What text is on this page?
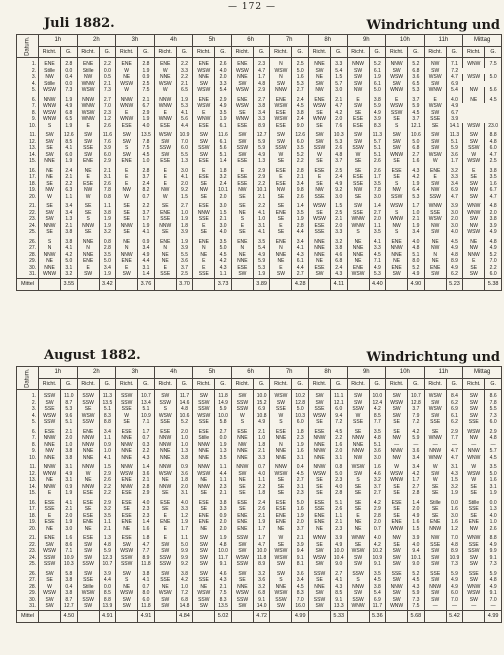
— 172 —
Juli 1882.	Windrichtung und
Datum.	1h		2h		3h		4h		5h		6h		7h		8h		9h		10h		11h		Mittag	
	Richt.	G.	Richt.	G.	Richt.	G.	Richt.	G.	Richt.	G.	Richt.	G.	Richt.	G.	Richt.	G.	Richt.	G.	Richt.	G.	Richt.	G.	Richt.	G.

1.	ENE	2.8	ENE	2.2	ENE	2.8	ENE	2.2	ENE	2.6	ENE	2.3	N	2.5	NNE	3.3	NNW	5.2	NNW	5.2	NW	7.1	WNW	7.5
2.	Stille	0.0	Stille	0.0	W	1.9	W	3.3	WSW	4.0	WSW	4.7	WSW	5.0	SW	5.4	SW	6.1	SW	6.8	SW	7.2		
3.	NW	0.4	NW	0.5	NE	0.9	NNE	2.2	NNE	2.0	NNE	1.7	N	1.6	NE	1.5	SW	1.9	WSW	3.6	WSW	4.7	WSW	5.0
4.	Stille	0.0	WNW	2.1	WSW	2.5	WSW	2.1	SW	3.3	SW	4.8	SW	5.3	SW	5.7	SW	6.1	SW	6.5	SW	6.9		
5.	WSW	7.3	WSW	7.3	W	7.5	W	6.5	WSW	5.4	WSW	2.9	NNW	2.7	NW	3.0	NW	5.0	WNW	5.3	WNW	5.4	NW	5.6

6.	NNW	1.9	NNW	2.7	NNW	2.1	NNW	1.9	ENE	2.9	ENE	2.7	ENE	2.4	ENE	2.1	E	3.8	E	3.7	E	4.0	NE	4.5
7.	WNW	4.9	WNW	7.0	WNW	6.7	WNW	5.3	WSW	4.9	WSW	3.8	WSW	4.5	WSW	4.7	SW	5.9	WSW	5.9	WSW	4.9		
8.	WSW	6.8	WSW	2.3	E	2.9	E	4.1	E	3.5	SE	3.4	ESE	3.8	SE	4.2	SE	4.9	SSW	4.5	SW	6.7		
9.	WNW	6.5	WNW	1.2	WNW	1.9	WNW	5.6	WNW	1.9	WNW	3.3	WSW	2.4	WNW	2.0	ESE	3.9	SE	3.7	SSE	3.9		
10.	S	1.9	E	2.6	ESE	4.0	ESE	4.4	ESE	6.1	ESE	8.9	ESE	9.0	SE	7.6	ESE	8.3	S	12.1	SE	14.1	WSW	23.0

11.	SW	12.6	SW	11.6	SW	13.5	WSW	10.9	SW	11.6	SW	12.7	SW	12.6	SW	10.3	SW	11.3	SW	10.6	SW	11.3	SW	8.8
12.	SW	8.5	SW	7.6	SW	7.8	SW	7.0	SW	6.1	SW	5.9	SW	6.0	SW	5.3	SW	5.7	SW	5.0	SW	5.1	SW	4.8
13.	SE	4.1	SSE	3.9	S	7.5	SSW	6.0	SSW	5.6	SSW	5.9	SSW	3.5	SSW	2.6	SSW	5.1	SW	6.8	SW	5.9	SSW	6.0
14.	SW	6.0	SW	6.0	SW	4.5	SW	5.5	SW	5.1	SW	4.9	W	5.2	W	4.8	W	5.1	WNW	2.7	WSW	3.6	W	4.7
15.	NNE	1.9	ENE	2.9	ENE	1.0	ESE	1.3	ESE	1.4	ESE	1.3	SE	2.2	SE	3.7	SE	2.6	SE	1.6	W	1.7	WSW	2.5

16.	NE	2.4	NE	2.1	E	2.8	E	3.0	E	1.8	E	2.9	ESE	2.8	ESE	2.5	SE	2.6	ESE	4.3	ENE	3.2	E	3.8
17.	NE	2.1	E	3.1	E	3.7	E	4.1	ESE	3.2	ESE	2.9	E	2.1	E	2.4	ESE	1.7	SE	4.2	E	3.3	SE	3.5
18.	SE	2.2	ESE	2.6	E	2.4	E	2.0	SE	2.4	ESE	2.2	ESE	3.4	SE	4.9	SSE	3.5	S	1.9	SW	3.4	SW	1.6
19.	NW	6.3	NW	7.8	NW	8.2	NW	9.2	NW	10.1	NW	10.1	NW	9.8	NW	9.2	NW	7.8	NW	6.4	NW	6.9	NW	6.7
20.	W	1.1	W	0.8	W	0.7	W	1.5	SE	2.0	SE	2.1	SE	2.6	SSE	3.0	SE	3.0	SSW	5.3	SSW	4.7	SW	4.7

21.	SE	3.4	SE	1.1	SE	2.2	SE	2.7	ESE	3.0	SE	2.2	SE	1.4	WSW	1.5	SW	1.4	WSW	1.7	WNW	3.9	WNW	4.8
22.	SW	3.4	SE	3.8	SE	3.7	ENE	1.0	NNW	1.5	NE	4.1	ENE	3.5	SE	2.5	SSE	2.7	S	1.0	SSE	3.0	WNW	2.0
23.	SW	1.3	S	1.9	SE	1.7	SSE	1.9	SSE	2.1	S	1.0	SE	1.9	WSW	2.1	WNW	2.0	WNW	2.1	WSW	2.0	SW	3.8
24.	NNW	2.1	NNW	1.9	NNW	1.9	NNW	1.8	E	3.0	E	3.1	E	2.8	ESE	2.0	WNW	1.1	NW	1.9	NW	3.0	NW	3.9
25.	SE	3.8	SE	3.2	SE	4.1	SE	3.9	SE	4.0	SE	4.1	SE	4.4	SSE	3.3	S	3.5	S	3.4	SW	4.0	WSW	4.9

26.	S	3.8	NNE	0.8	NE	0.9	ENE	1.9	ENE	3.5	ENE	3.5	ENE	3.4	NNE	3.2	NE	4.1	ENE	4.0	NE	4.5	NE	4.8
27.	N	4.1	N	2.8	N	3.4	N	3.9	N	5.0	N	5.4	N	4.1	NNE	3.8	NNE	3.3	NNW	4.8	NW	4.9	NW	4.9
28.	NNW	4.2	NNE	3.5	NNW	4.9	NE	5.5	NE	4.5	NE	4.9	NNE	4.3	NNE	4.6	NNE	4.5	NNE	5.1	N	4.8	NNW	5.2
29.	NE	5.0	ENE	5.0	ENE	4.4	NE	3.6	E	4.2	NNE	5.9	NE	6.1	NE	6.8	NE	7.1	NE	8.0	NE	8.9	E	7.0
30.	NNE	3.1	E	3.4	E	3.1	E	3.7	E	4.3	ESE	5.3	E	4.4	ESE	2.4	ENE	4.9	ENE	5.2	ENE	4.9	SE	2.2
31.	WNW	3.2	SW	1.9	SW	1.4	SSE	2.5	SSE	1.1	SW	1.9	SW	2.7	SW	4.3	WSW	5.3	SW	4.9	SW	6.2	SW	6.0
Mittel		3.55		3.42		3.76		3.70		3.73		3.89		4.28		4.11		4.40		4.90		5.23		5.38
August 1882.	Windrichtung und
Datum.	1h		2h		3h		4h		5h		6h		7h		8h		9h		10h		11h		Mittag	
	Richt.	G.	Richt.	G.	Richt.	G.	Richt.	G.	Richt.	G.	Richt.	G.	Richt.	G.	Richt.	G.	Richt.	G.	Richt.	G.	Richt.	G.	Richt.	G.

1.	SSW	11.0	SSW	11.3	SSW	10.7	SW	11.7	SW	11.8	SW	10.0	WSW	10.2	SW	11.1	SW	10.0	SW	10.7	WSW	8.4	SW	8.6
2.	SW	8.7	SSW	13.5	SSW	13.4	SSW	14.6	SSW	14.9	SSW	15.2	SW	12.8	SW	12.1	SW	12.4	WSW	12.8	SW	6.2	SW	7.8
3.	SSE	5.3	SE	5.1	SSE	5.1	S	4.8	SSW	5.9	SSW	6.9	SSE	5.0	SSE	6.0	SSW	4.2	SW	3.7	WSW	6.9	SW	5.5
4.	WSW	9.6	WSW	8.3	W	10.9	WSW	10.6	WSW	10.0	W	10.8	W	10.3	WSW	9.4	W	8.5	SW	7.9	SW	6.1	SW	7.3
5.	SSW	5.1	SSW	8.8	SE	7.1	SSE	5.2	SSE	5.8	S	4.9	S	6.0	SE	7.2	SSE	7.7	SE	7.2	SSE	6.2	SSE	6.0

6.	ESE	2.1	ENE	3.4	ESE	1.7	ESE	2.0	ESE	2.7	ESE	2.1	ESE	1.8	ESE	4.5	SE	3.5	SE	4.2	SE	2.9	WSW	2.9
7.	NNW	2.0	NNW	1.1	NNE	0.7	NNW	1.0	Stille	0.0	NNE	1.0	NNE	2.3	NNW	2.2	NNW	4.8	NW	5.9	WNW	7.7	NW	4.8
8.	NNE	1.0	NNW	0.9	NNW	0.3	NNW	1.0	NNW	1.9	NW	1.8	N	1.9	NNE	1.6	NNE	5.1	—	—	—	—	—	—
9.	NW	3.8	NNE	1.0	NNE	2.2	NNE	1.3	NNE	1.3	NNE	2.1	NNE	1.6	NNW	2.0	NNW	3.6	NNW	3.6	NNW	4.7	NNW	5.7
10.	NNE	3.8	NNE	4.1	NNE	4.3	NNE	3.8	NNE	3.5	NNE	3.3	NNE	3.1	NNE	3.1	NW	3.0	NW	3.4	WNW	4.7	WNW	4.5

11.	NNW	3.1	NNW	1.5	NNW	1.4	NNW	0.9	NNW	1.1	NNW	0.7	NNW	0.4	NNW	0.8	WSW	1.6	W	3.4	W	3.1	W	3.5
12.	WNW	4.9	W	2.9	WSW	3.6	WSW	3.6	WSW	4.4	SW	4.0	WSW	4.5	WSW	5.0	SW	4.6	WSW	4.2	SW	4.3	WSW	5.0
13.	NE	3.1	NE	2.6	ENE	2.1	NE	1.8	NE	1.1	NE	1.1	SE	2.7	SE	2.3	S	3.2	WNW	1.7	W	1.5	W	1.6
14.	NNW	0.9	NNW	2.2	NNW	2.8	NNW	2.0	NNW	2.3	SE	2.2	SE	3.1	SE	4.0	SE	3.7	SE	2.7	SE	3.2	SE	3.1
15.	E	1.9	ESE	2.2	ESE	2.9	SE	3.1	SE	2.1	SE	1.8	SE	2.3	SE	2.8	SE	2.7	SE	2.8	SE	1.9	SE	1.9

16.	ESE	4.1	ESE	2.9	ESE	4.0	ESE	4.0	ESE	3.8	ESE	2.4	ESE	5.0	ESE	5.1	SE	4.2	ESE	1.4	Stille	0.0	Stille	0.0
17.	SSE	2.1	SE	3.2	SE	2.3	SE	3.3	SE	3.3	SE	2.6	ESE	1.6	SSE	2.6	SE	2.9	SE	2.0	SE	1.6	SSE	1.3
18.	E	2.0	ESE	3.5	ESE	2.3	E	1.2	ENE	0.9	ENE	2.1	ENE	1.9	ENE	1.1	E	2.8	SE	4.9	SE	3.0	SE	4.0
19.	ESE	1.9	ENE	1.1	ENE	1.4	ENE	1.9	ENE	2.0	ENE	1.9	ENE	2.0	ENE	2.1	NE	2.0	ENE	1.6	ENE	1.6	ENE	1.0
20.	NE	3.0	NE	2.1	NE	1.6	E	1.7	NE	2.0	ENE	1.7	NE	3.7	NE	2.3	NE	0.7	WNW	1.5	NNW	1.2	NW	2.6

21.	ENE	1.6	ESE	1.3	ESE	1.8	E	1.1	SW	1.9	SSW	1.7	W	2.1	WNW	3.9	WNW	4.0	NW	3.9	NW	7.0	WNW	8.8
22.	SW	8.6	SW	4.8	SW	4.7	SW	5.0	SW	4.8	SW	4.7	SE	3.9	SE	4.9	SE	4.2	SE	4.0	SSE	4.8	SSE	4.9
23.	WSW	7.1	SW	5.9	WSW	7.7	SW	9.9	SW	10.0	SW	10.0	WSW	9.4	SW	10.0	WSW	10.2	SW	9.4	SW	8.9	SSW	9.9
24.	SSW	10.9	SW	12.3	SSW	8.9	SSW	9.9	SW	11.7	WSW	11.8	WSW	9.1	WSW	10.4	SW	10.9	SW	10.1	SW	10.9	SW	9.1
25.	SSW	10.3	SSW	10.7	SSW	11.8	SSW	9.2	SW	9.1	SSW	8.9	SW	8.1	SW	9.0	SW	9.1	SW	9.0	SW	7.3	SW	7.3

26.	SW	5.8	SW	3.9	SW	3.8	SW	3.8	SW	4.6	SW	3.2	SW	3.6	SSW	2.7	SSW	3.5	SSE	5.2	SSE	5.9	SSE	5.9
27.	SE	3.8	SSE	4.4	S	4.1	SSE	4.2	SSE	4.3	SE	3.6	S	3.4	SE	4.1	S	4.5	SW	4.5	SW	4.9	SW	4.8
28.	W	0.4	Stille	0.0	NE	0.7	NE	1.0	NE	2.1	NNE	3.2	NNE	4.5	NNE	4.3	NNW	3.8	NNW	4.3	NNW	4.9	WNW	4.9
29.	WSW	3.8	WSW	8.5	WSW	8.0	WSW	7.2	WSW	7.5	WSW	6.8	WSW	8.3	SW	8.5	SW	5.4	SW	5.9	SW	6.0	WSW	9.1
30.	SW	8.7	SSW	8.8	SW	6.0	SW	6.8	SSW	8.3	SSW	9.1	SSW	7.0	SSW	9.1	SSW	6.9	SW	7.3	SW	7.0	SW	7.0
31.	SW	12.7	SW	13.9	SW	11.8	SW	14.8	SW	13.5	SW	14.0	SW	16.0	SW	13.3	WNW	11.7	WNW	7.5	—	—	—	—
Mittel		4.50		4.91		4.91		4.84		5.02		4.72		4.99		5.33		5.36		5.68		5.42		4.99
